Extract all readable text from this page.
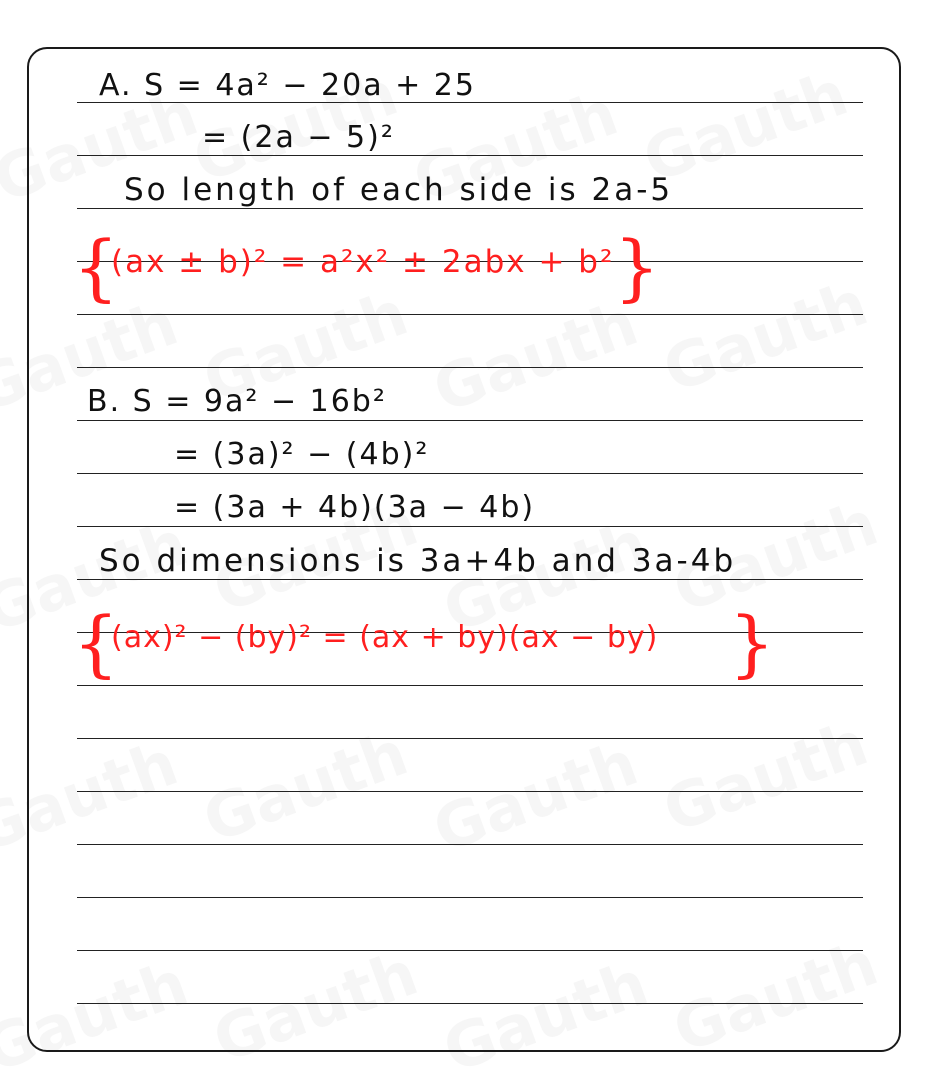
A. S = 4a² − 20a + 25
= (2a − 5)²
So length of each side is 2a-5
{
(ax ± b)² = a²x² ± 2abx + b² }
B. S = 9a² − 16b²
= (3a)² − (4b)²
= (3a + 4b)(3a − 4b)
So dimensions is 3a+4b and 3a-4b
{
(ax)² − (by)² = (ax + by)(ax − by) }
